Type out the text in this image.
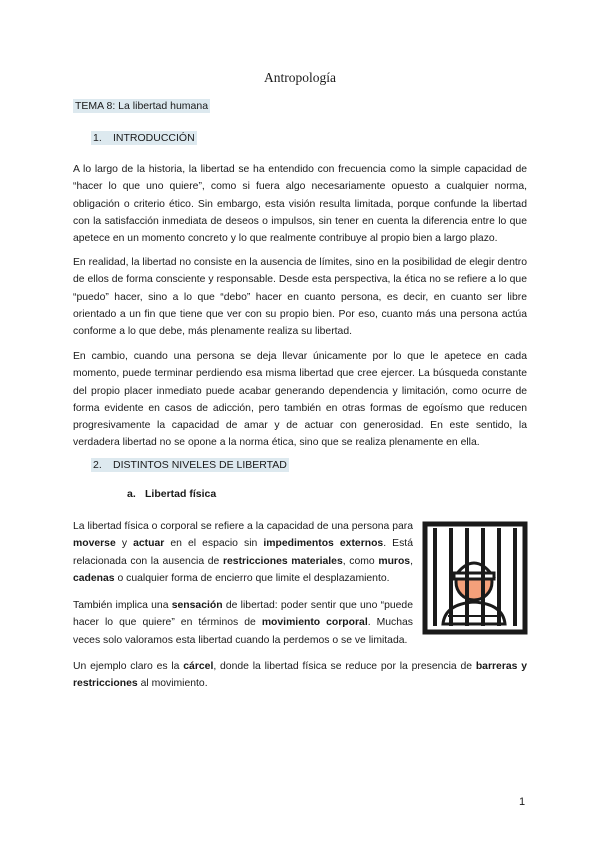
Antropología
TEMA 8: La libertad humana
1. INTRODUCCIÓN
A lo largo de la historia, la libertad se ha entendido con frecuencia como la simple capacidad de “hacer lo que uno quiere”, como si fuera algo necesariamente opuesto a cualquier norma, obligación o criterio ético. Sin embargo, esta visión resulta limitada, porque confunde la libertad con la satisfacción inmediata de deseos o impulsos, sin tener en cuenta la diferencia entre lo que apetece en un momento concreto y lo que realmente contribuye al propio bien a largo plazo.
En realidad, la libertad no consiste en la ausencia de límites, sino en la posibilidad de elegir dentro de ellos de forma consciente y responsable. Desde esta perspectiva, la ética no se refiere a lo que “puedo” hacer, sino a lo que “debo” hacer en cuanto persona, es decir, en cuanto ser libre orientado a un fin que tiene que ver con su propio bien. Por eso, cuanto más una persona actúa conforme a lo que debe, más plenamente realiza su libertad.
En cambio, cuando una persona se deja llevar únicamente por lo que le apetece en cada momento, puede terminar perdiendo esa misma libertad que cree ejercer. La búsqueda constante del propio placer inmediato puede acabar generando dependencia y limitación, como ocurre de forma evidente en casos de adicción, pero también en otras formas de egoísmo que reducen progresivamente la capacidad de amar y de actuar con generosidad. En este sentido, la verdadera libertad no se opone a la norma ética, sino que se realiza plenamente en ella.
2. DISTINTOS NIVELES DE LIBERTAD
a. Libertad física
La libertad física o corporal se refiere a la capacidad de una persona para moverse y actuar en el espacio sin impedimentos externos. Está relacionada con la ausencia de restricciones materiales, como muros, cadenas o cualquier forma de encierro que limite el desplazamiento.
También implica una sensación de libertad: poder sentir que uno “puede hacer lo que quiere” en términos de movimiento corporal. Muchas veces solo valoramos esta libertad cuando la perdemos o se ve limitada.
Un ejemplo claro es la cárcel, donde la libertad física se reduce por la presencia de barreras y restricciones al movimiento.
1
